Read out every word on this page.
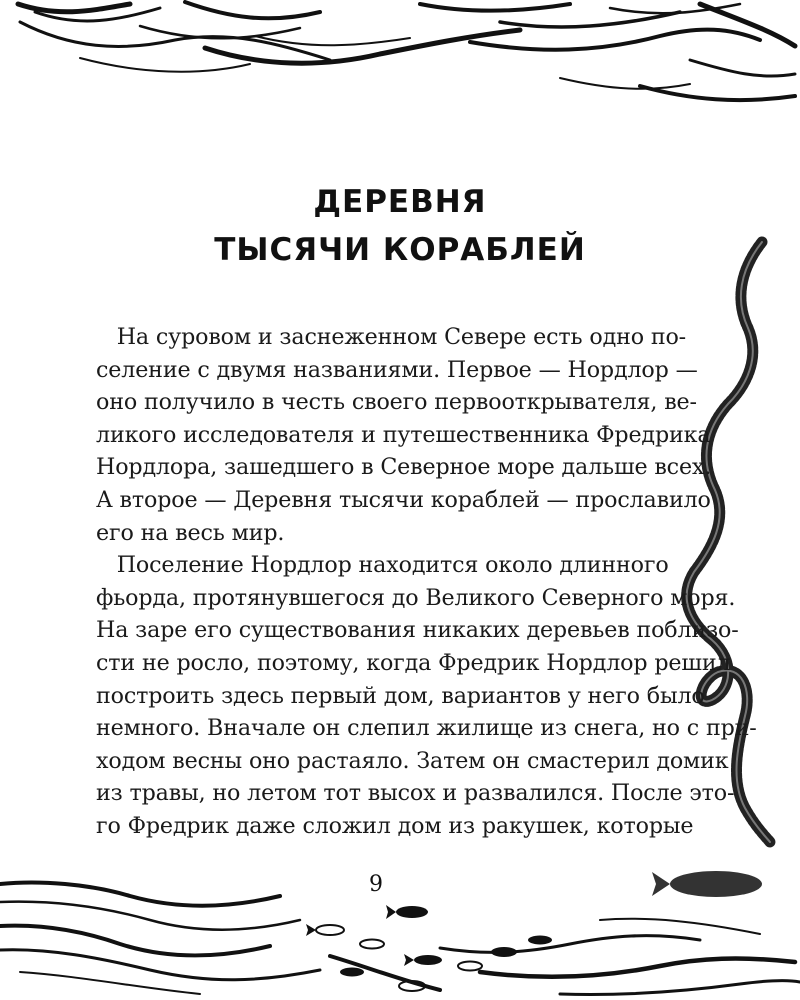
ДЕРЕВНЯ
ТЫСЯЧИ КОРАБЛЕЙ
На суровом и заснеженном Севере есть одно по-
селение с двумя названиями. Первое — Нордлор —
оно получило в честь своего первооткрывателя, ве-
ликого исследователя и путешественника Фредрика
Нордлора, зашедшего в Северное море дальше всех.
А второе — Деревня тысячи кораблей — прославило
его на весь мир.
Поселение Нордлор находится около длинного
фьорда, протянувшегося до Великого Северного моря.
На заре его существования никаких деревьев поблизо-
сти не росло, поэтому, когда Фредрик Нордлор решил
построить здесь первый дом, вариантов у него было
немного. Вначале он слепил жилище из снега, но с при-
ходом весны оно растаяло. Затем он смастерил домик
из травы, но летом тот высох и развалился. После это-
го Фредрик даже сложил дом из ракушек, которые
9
